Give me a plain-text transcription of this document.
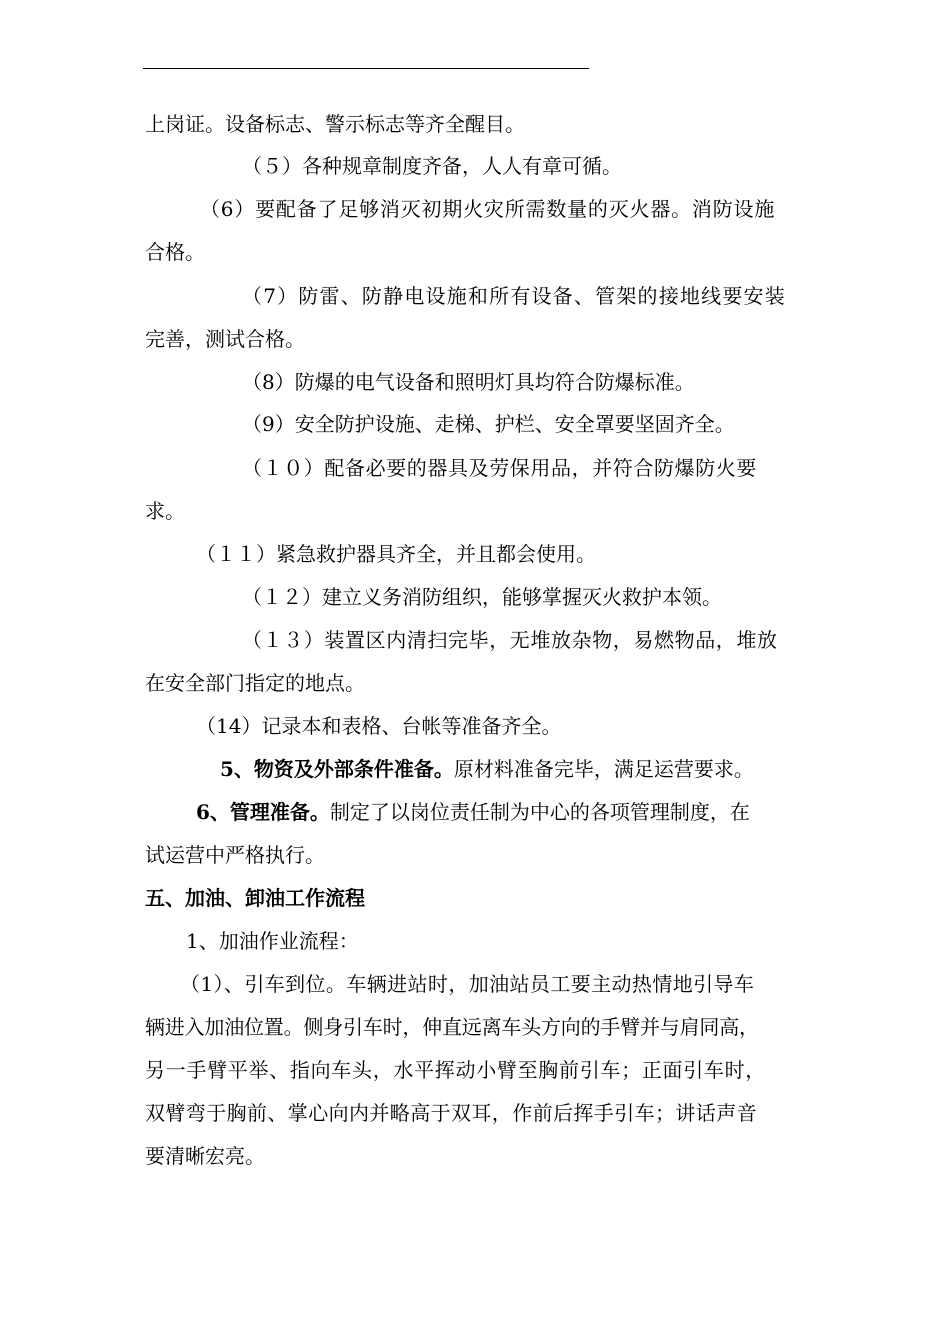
上岗证。设备标志、警示标志等齐全醒目。

（５）各种规章制度齐备，人人有章可循。

（6）要配备了足够消灭初期火灾所需数量的灭火器。消防设施

合格。

（7）防雷、防静电设施和所有设备、管架的接地线要安装

完善，测试合格。

（8）防爆的电气设备和照明灯具均符合防爆标准。

（9）安全防护设施、走梯、护栏、安全罩要坚固齐全。

（１０）配备必要的器具及劳保用品，并符合防爆防火要

求。

（１１）紧急救护器具齐全，并且都会使用。

（１２）建立义务消防组织，能够掌握灭火救护本领。

（１３）装置区内清扫完毕，无堆放杂物，易燃物品，堆放

在安全部门指定的地点。

（14）记录本和表格、台帐等准备齐全。

5、物资及外部条件准备。原材料准备完毕，满足运营要求。

6、管理准备。制定了以岗位责任制为中心的各项管理制度，在

试运营中严格执行。

五、加油、卸油工作流程

1、加油作业流程：

（1）、引车到位。车辆进站时，加油站员工要主动热情地引导车

辆进入加油位置。侧身引车时，伸直远离车头方向的手臂并与肩同高，

另一手臂平举、指向车头，水平挥动小臂至胸前引车；正面引车时，

双臂弯于胸前、掌心向内并略高于双耳，作前后挥手引车；讲话声音

要清晰宏亮。
